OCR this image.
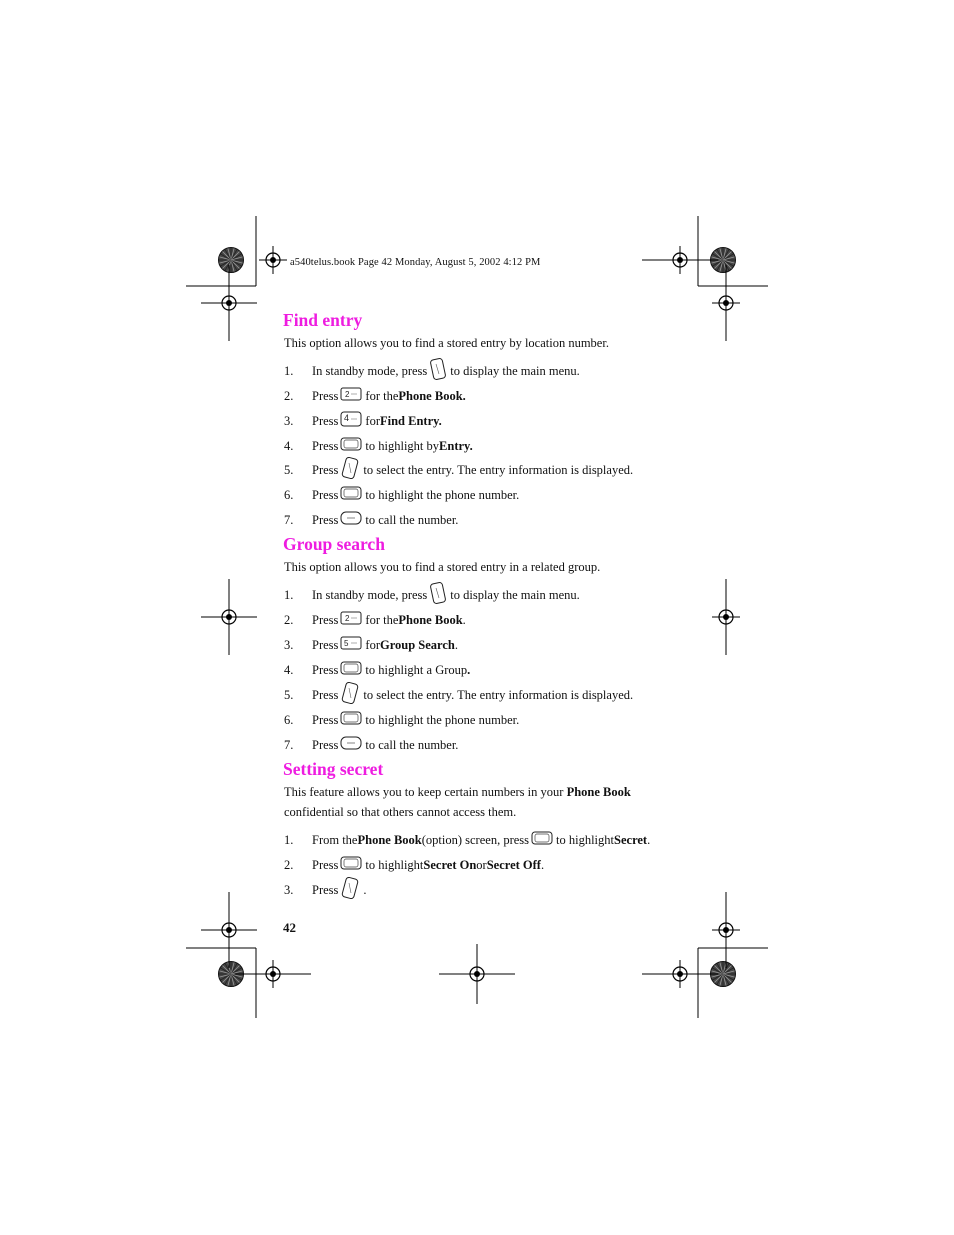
a540telus.book Page 42 Monday, August 5, 2002 4:12 PM
Find entry
This option allows you to find a stored entry by location number.
1.	In standby mode, press to display the main menu.
2.	Press 2 for the Phone Book.
3.	Press 4 for Find Entry.
4.	Press to highlight by Entry.
5.	Press to select the entry. The entry information is displayed.
6.	Press to highlight the phone number.
7.	Press to call the number.
Group search
This option allows you to find a stored entry in a related group.
1.	In standby mode, press to display the main menu.
2.	Press 2 for the Phone Book .
3.	Press 5 for Group Search .
4.	Press to highlight a Group .
5.	Press to select the entry. The entry information is displayed.
6.	Press to highlight the phone number.
7.	Press to call the number.
Setting secret
This feature allows you to keep certain numbers in your Phone Book
confidential so that others cannot access them.
1.	From the Phone Book (option) screen, press to highlight Secret .
2.	Press to highlight Secret On or Secret Off .
3.	Press .
42
